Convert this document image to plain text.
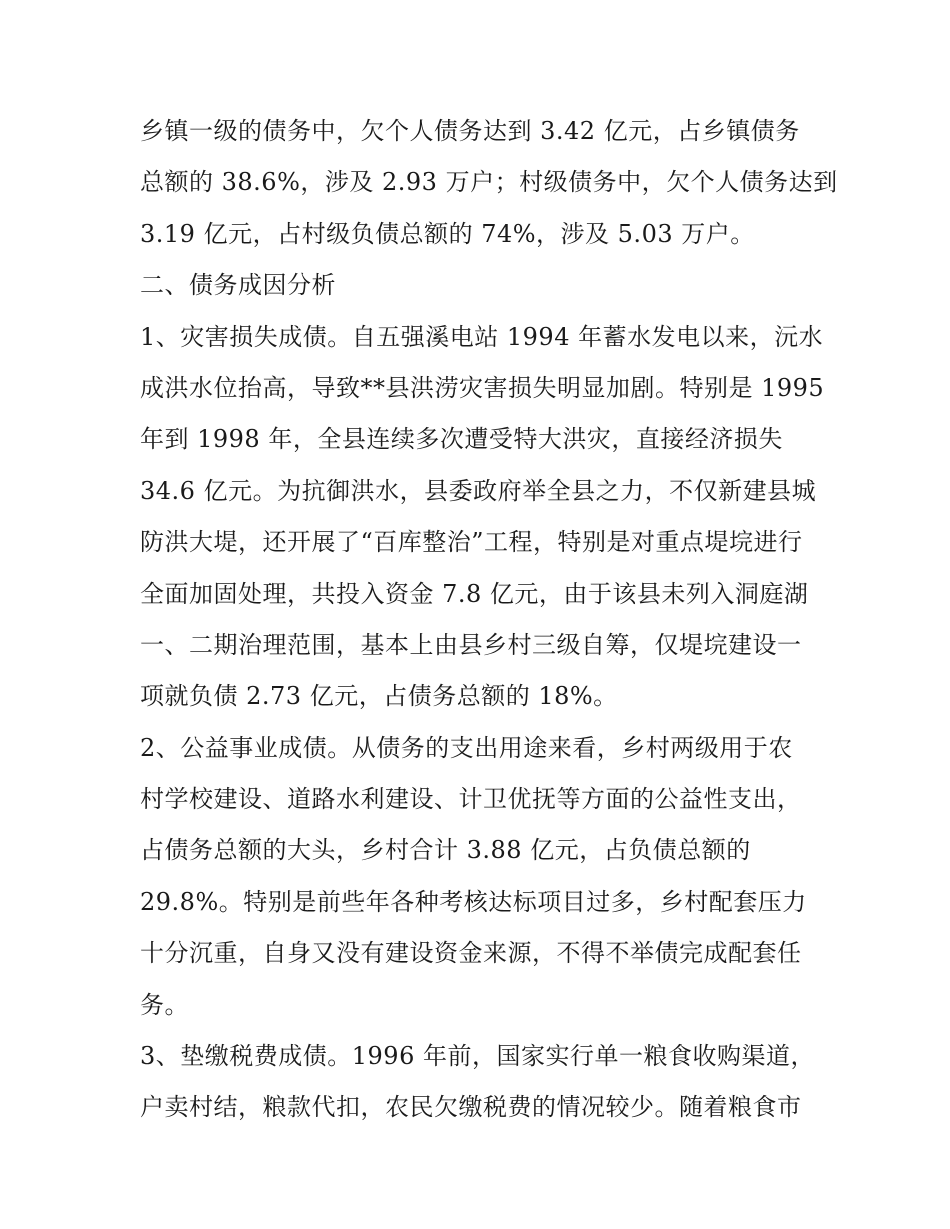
乡镇一级的债务中，欠个人债务达到 3.42 亿元，占乡镇债务
总额的 38.6%，涉及 2.93 万户；村级债务中，欠个人债务达到
3.19 亿元，占村级负债总额的 74%，涉及 5.03 万户。
二、债务成因分析
1、灾害损失成债。自五强溪电站 1994 年蓄水发电以来，沅水
成洪水位抬高，导致**县洪涝灾害损失明显加剧。特别是 1995
年到 1998 年，全县连续多次遭受特大洪灾，直接经济损失
34.6 亿元。为抗御洪水，县委政府举全县之力，不仅新建县城
防洪大堤，还开展了“百库整治”工程，特别是对重点堤垸进行
全面加固处理，共投入资金 7.8 亿元，由于该县未列入洞庭湖
一、二期治理范围，基本上由县乡村三级自筹，仅堤垸建设一
项就负债 2.73 亿元，占债务总额的 18%。
2、公益事业成债。从债务的支出用途来看，乡村两级用于农
村学校建设、道路水利建设、计卫优抚等方面的公益性支出，
占债务总额的大头，乡村合计 3.88 亿元，占负债总额的
29.8%。特别是前些年各种考核达标项目过多，乡村配套压力
十分沉重，自身又没有建设资金来源，不得不举债完成配套任
务。
3、垫缴税费成债。1996 年前，国家实行单一粮食收购渠道，
户卖村结，粮款代扣，农民欠缴税费的情况较少。随着粮食市
